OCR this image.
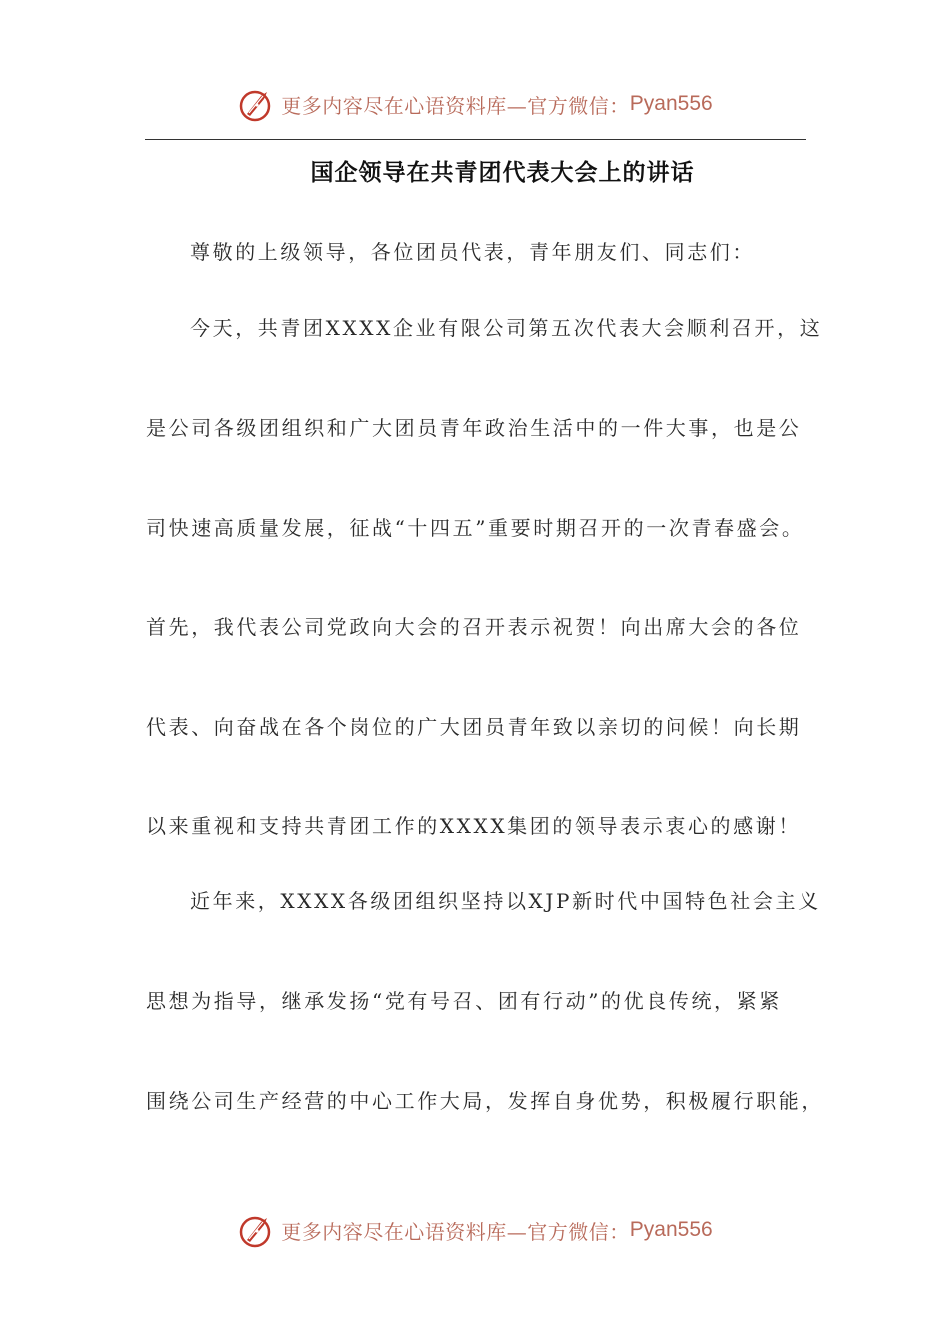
更多内容尽在心语资料库—官方微信： Pyan556
国企领导在共青团代表大会上的讲话
尊敬的上级领导，各位团员代表，青年朋友们、同志们：
今天，共青团XXXX企业有限公司第五次代表大会顺利召开，这
是公司各级团组织和广大团员青年政治生活中的一件大事，也是公
司快速高质量发展，征战“十四五”重要时期召开的一次青春盛会。
首先，我代表公司党政向大会的召开表示祝贺！向出席大会的各位
代表、向奋战在各个岗位的广大团员青年致以亲切的问候！向长期
以来重视和支持共青团工作的XXXX集团的领导表示衷心的感谢！
近年来，XXXX各级团组织坚持以XJP新时代中国特色社会主义
思想为指导，继承发扬“党有号召、团有行动”的优良传统，紧紧
围绕公司生产经营的中心工作大局，发挥自身优势，积极履行职能，
更多内容尽在心语资料库—官方微信： Pyan556
